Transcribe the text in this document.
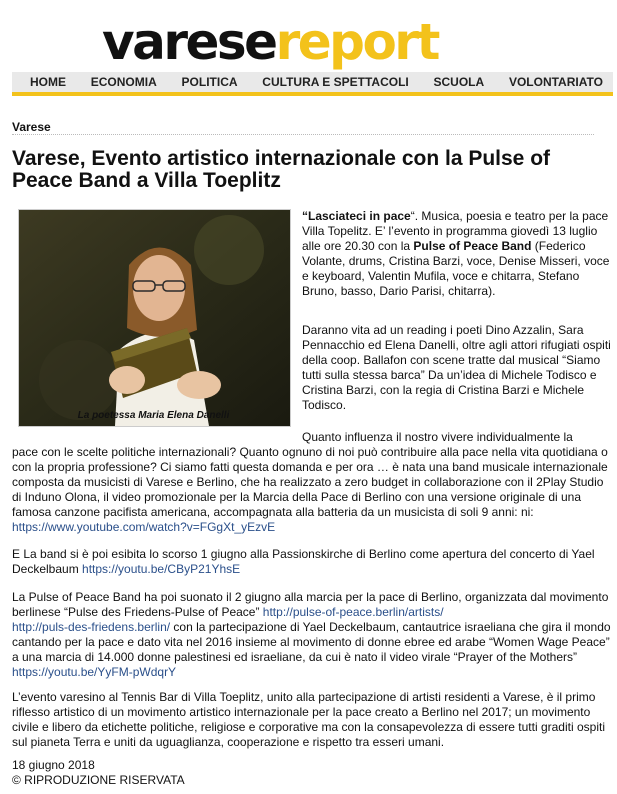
varesereport
HOME ECONOMIA POLITICA CULTURA E SPETTACOLI SCUOLA VOLONTARIATO
Varese
Varese, Evento artistico internazionale con la Pulse of Peace Band a Villa Toeplitz
La poetessa Maria Elena Danelli
“Lasciateci in pace“. Musica, poesia e teatro per la pace Villa Topelitz. E’ l’evento in programma giovedì 13 luglio alle ore 20.30 con la Pulse of Peace Band (Federico Volante, drums, Cristina Barzi, voce, Denise Misseri, voce e keyboard, Valentin Mufila, voce e chitarra, Stefano Bruno, basso, Dario Parisi, chitarra).
Daranno vita ad un reading i poeti Dino Azzalin, Sara Pennacchio ed Elena Danelli, oltre agli attori rifugiati ospiti della coop. Ballafon con scene tratte dal musical “Siamo tutti sulla stessa barca” Da un’idea di Michele Todisco e Cristina Barzi, con la regia di Cristina Barzi e Michele Todisco.
Quanto influenza il nostro vivere individualmente la
pace con le scelte politiche internazionali? Quanto ognuno di noi può contribuire alla pace nella vita quotidiana o con la propria professione? Ci siamo fatti questa domanda e per ora … è nata una band musicale internazionale composta da musicisti di Varese e Berlino, che ha realizzato a zero budget in collaborazione con il 2Play Studio di Induno Olona, il video promozionale per la Marcia della Pace di Berlino con una versione originale di una famosa canzone pacifista americana, accompagnata alla batteria da un musicista di soli 9 anni: ni: https://www.youtube.com/watch?v=FGgXt_yEzvE
E La band si è poi esibita lo scorso 1 giugno alla Passionskirche di Berlino come apertura del concerto di Yael Deckelbaum https://youtu.be/CByP21YhsE
La Pulse of Peace Band ha poi suonato il 2 giugno alla marcia per la pace di Berlino, organizzata dal movimento berlinese “Pulse des Friedens-Pulse of Peace” http://pulse-of-peace.berlin/artists/
http://puls-des-friedens.berlin/ con la partecipazione di Yael Deckelbaum, cantautrice israeliana che gira il mondo cantando per la pace e dato vita nel 2016 insieme al movimento di donne ebree ed arabe “Women Wage Peace” a una marcia di 14.000 donne palestinesi ed israeliane, da cui è nato il video virale “Prayer of the Mothers” https://youtu.be/YyFM-pWdqrY
L’evento varesino al Tennis Bar di Villa Toeplitz, unito alla partecipazione di artisti residenti a Varese, è il primo riflesso artistico di un movimento artistico internazionale per la pace creato a Berlino nel 2017; un movimento civile e libero da etichette politiche, religiose e corporative ma con la consapevolezza di essere tutti graditi ospiti sul pianeta Terra e uniti da uguaglianza, cooperazione e rispetto tra esseri umani.
18 giugno 2018
© RIPRODUZIONE RISERVATA
